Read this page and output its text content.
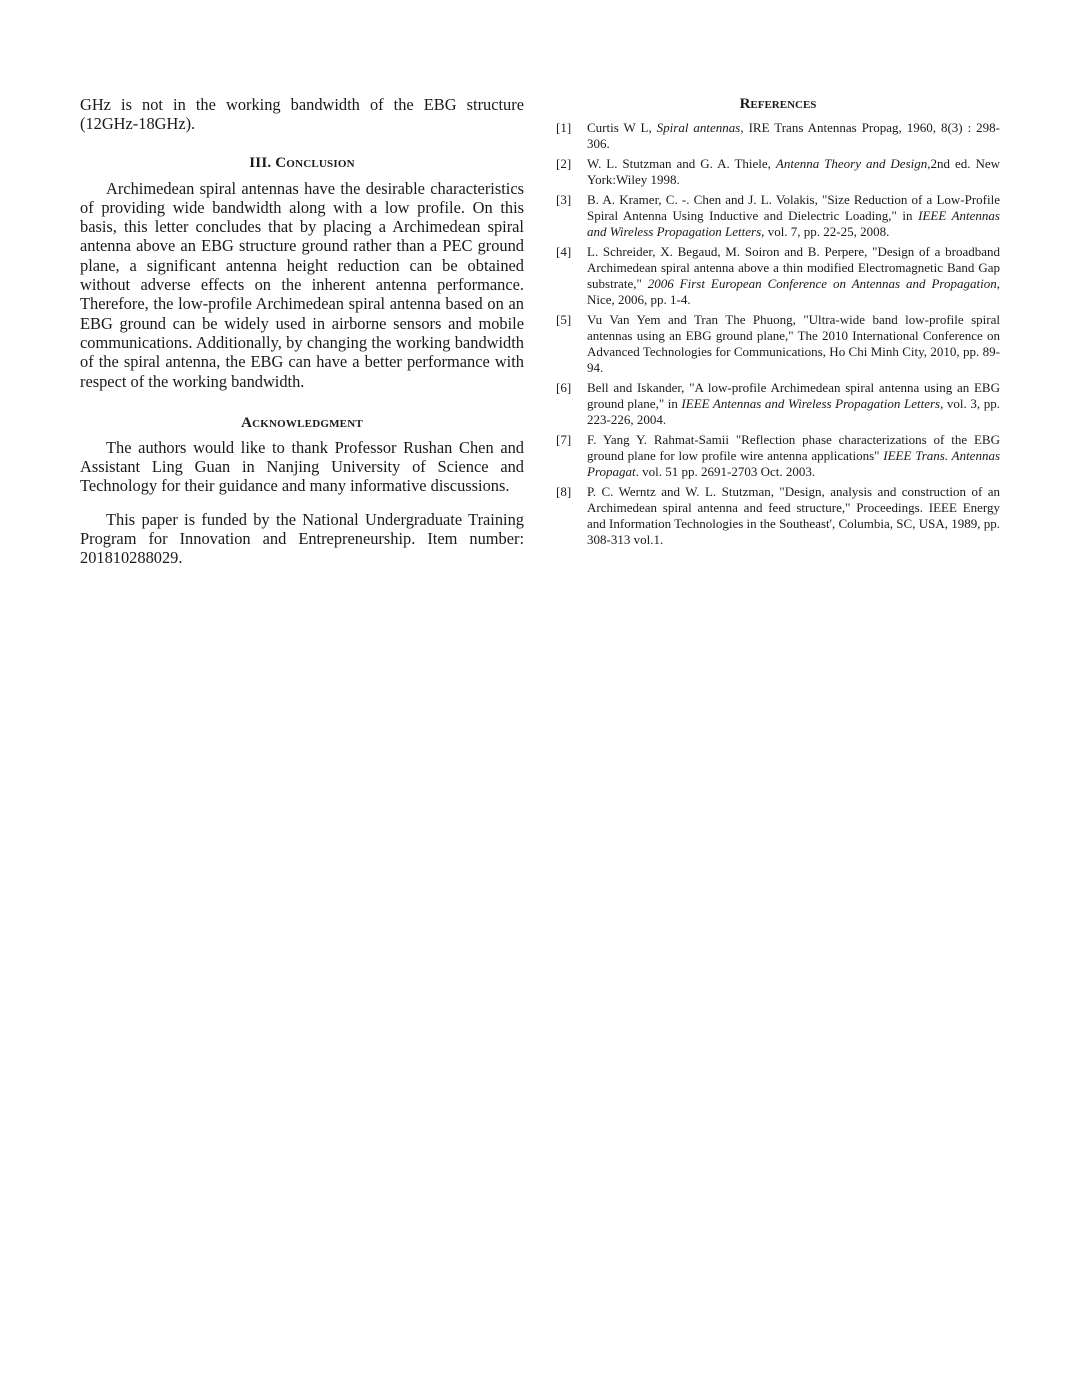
GHz is not in the working bandwidth of the EBG structure (12GHz-18GHz).

III. Conclusion

Archimedean spiral antennas have the desirable characteristics of providing wide bandwidth along with a low profile. On this basis, this letter concludes that by placing a Archimedean spiral antenna above an EBG structure ground rather than a PEC ground plane, a significant antenna height reduction can be obtained without adverse effects on the inherent antenna performance. Therefore, the low-profile Archimedean spiral antenna based on an EBG ground can be widely used in airborne sensors and mobile communications. Additionally, by changing the working bandwidth of the spiral antenna, the EBG can have a better performance with respect of the working bandwidth.

Acknowledgment

The authors would like to thank Professor Rushan Chen and Assistant Ling Guan in Nanjing University of Science and Technology for their guidance and many informative discussions.

This paper is funded by the National Undergraduate Training Program for Innovation and Entrepreneurship. Item number: 201810288029.

References
[1]	Curtis W L, Spiral antennas, IRE Trans Antennas Propag, 1960, 8(3) : 298-306.
[2]	W. L. Stutzman and G. A. Thiele, Antenna Theory and Design,2nd ed. New York:Wiley 1998.
[3]	B. A. Kramer, C. -. Chen and J. L. Volakis, "Size Reduction of a Low-Profile Spiral Antenna Using Inductive and Dielectric Loading," in IEEE Antennas and Wireless Propagation Letters, vol. 7, pp. 22-25, 2008.
[4]	L. Schreider, X. Begaud, M. Soiron and B. Perpere, "Design of a broadband Archimedean spiral antenna above a thin modified Electromagnetic Band Gap substrate," 2006 First European Conference on Antennas and Propagation, Nice, 2006, pp. 1-4.
[5]	Vu Van Yem and Tran The Phuong, "Ultra-wide band low-profile spiral antennas using an EBG ground plane," The 2010 International Conference on Advanced Technologies for Communications, Ho Chi Minh City, 2010, pp. 89-94.
[6]	Bell and Iskander, "A low-profile Archimedean spiral antenna using an EBG ground plane," in IEEE Antennas and Wireless Propagation Letters, vol. 3, pp. 223-226, 2004.
[7]	F. Yang Y. Rahmat-Samii "Reflection phase characterizations of the EBG ground plane for low profile wire antenna applications" IEEE Trans. Antennas Propagat. vol. 51 pp. 2691-2703 Oct. 2003.
[8]	P. C. Werntz and W. L. Stutzman, "Design, analysis and construction of an Archimedean spiral antenna and feed structure," Proceedings. IEEE Energy and Information Technologies in the Southeast', Columbia, SC, USA, 1989, pp. 308-313 vol.1.
